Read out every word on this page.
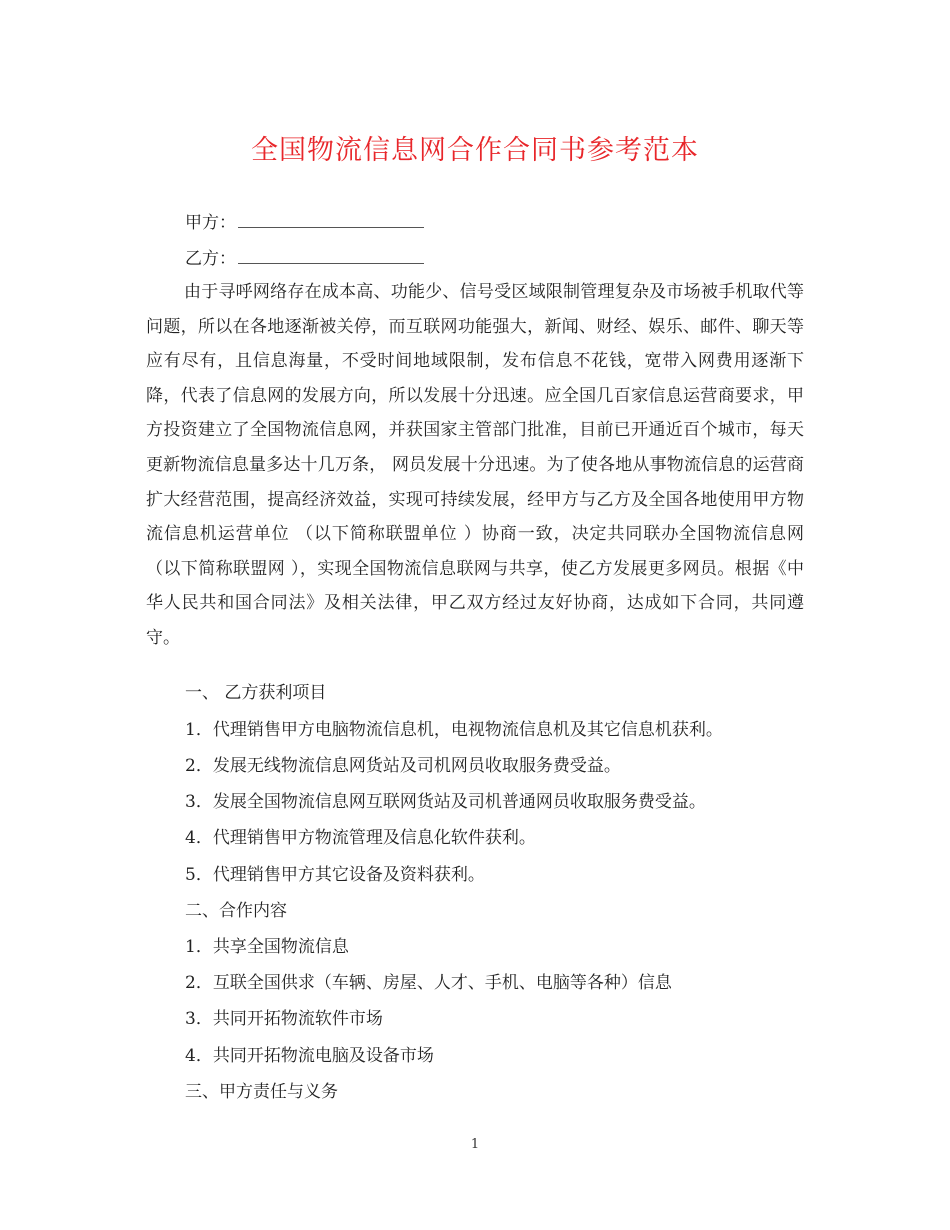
全国物流信息网合作合同书参考范本
甲方：
乙方：

由于寻呼网络存在成本高、功能少、信号受区域限制管理复杂及市场被手机取代等问题，所以在各地逐渐被关停，而互联网功能强大，新闻、财经、娱乐、邮件、聊天等应有尽有，且信息海量，不受时间地域限制，发布信息不花钱，宽带入网费用逐渐下降，代表了信息网的发展方向，所以发展十分迅速。应全国几百家信息运营商要求，甲方投资建立了全国物流信息网，并获国家主管部门批准，目前已开通近百个城市，每天更新物流信息量多达十几万条， 网员发展十分迅速。为了使各地从事物流信息的运营商扩大经营范围，提高经济效益，实现可持续发展，经甲方与乙方及全国各地使用甲方物流信息机运营单位 （以下简称联盟单位 ）协商一致，决定共同联办全国物流信息网 （以下简称联盟网 ），实现全国物流信息联网与共享，使乙方发展更多网员。根据《中华人民共和国合同法》及相关法律，甲乙双方经过友好协商，达成如下合同，共同遵守。

一、 乙方获利项目
1．代理销售甲方电脑物流信息机，电视物流信息机及其它信息机获利。
2．发展无线物流信息网货站及司机网员收取服务费受益。
3．发展全国物流信息网互联网货站及司机普通网员收取服务费受益。
4．代理销售甲方物流管理及信息化软件获利。
5．代理销售甲方其它设备及资料获利。
二、合作内容
1．共享全国物流信息
2．互联全国供求（车辆、房屋、人才、手机、电脑等各种）信息
3．共同开拓物流软件市场
4．共同开拓物流电脑及设备市场
三、甲方责任与义务
1
